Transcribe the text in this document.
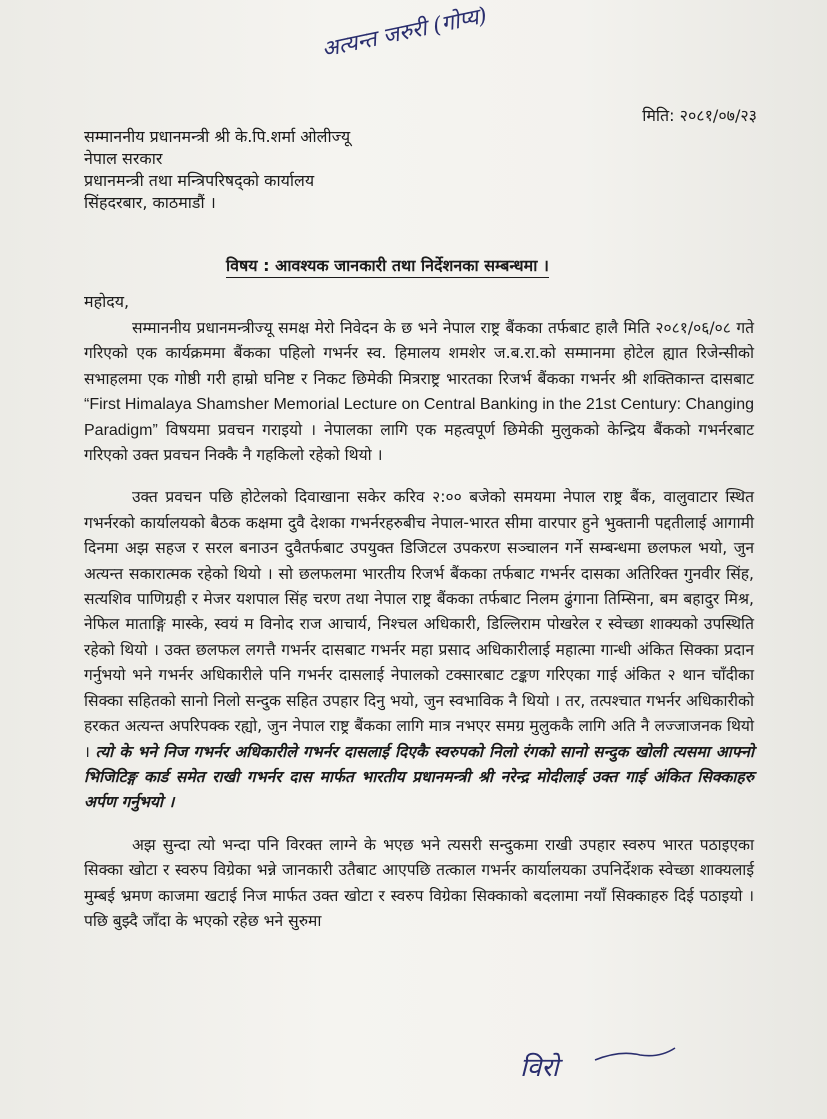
अत्यन्त जरुरी (गोप्य)
मिति: २०८१/०७/२३
सम्माननीय प्रधानमन्त्री श्री के.पि.शर्मा ओलीज्यू
नेपाल सरकार
प्रधानमन्त्री तथा मन्त्रिपरिषद्को कार्यालय
सिंहदरबार, काठमाडौं ।
विषय : आवश्यक जानकारी तथा निर्देशनका सम्बन्धमा ।
महोदय,

सम्माननीय प्रधानमन्त्रीज्यू समक्ष मेरो निवेदन के छ भने नेपाल राष्ट्र बैंकका तर्फबाट हालै मिति २०८१/०६/०८ गते गरिएको एक कार्यक्रममा बैंकका पहिलो गभर्नर स्व. हिमालय शमशेर ज.ब.रा.को सम्मानमा होटेल ह्यात रिजेन्सीको सभाहलमा एक गोष्ठी गरी हाम्रो घनिष्ट र निकट छिमेकी मित्रराष्ट्र भारतका रिजर्भ बैंकका गभर्नर श्री शक्तिकान्त दासबाट “First Himalaya Shamsher Memorial Lecture on Central Banking in the 21st Century: Changing Paradigm” विषयमा प्रवचन गराइयो । नेपालका लागि एक महत्वपूर्ण छिमेकी मुलुकको केन्द्रिय बैंकको गभर्नरबाट गरिएको उक्त प्रवचन निक्कै नै गहकिलो रहेको थियो ।

उक्त प्रवचन पछि होटेलको दिवाखाना सकेर करिव २:०० बजेको समयमा नेपाल राष्ट्र बैंक, वालुवाटार स्थित गभर्नरको कार्यालयको बैठक कक्षमा दुवै देशका गभर्नरहरुबीच नेपाल-भारत सीमा वारपार हुने भुक्तानी पद्दतीलाई आगामी दिनमा अझ सहज र सरल बनाउन दुवैतर्फबाट उपयुक्त डिजिटल उपकरण सञ्चालन गर्ने सम्बन्धमा छलफल भयो, जुन अत्यन्त सकारात्मक रहेको थियो । सो छलफलमा भारतीय रिजर्भ बैंकका तर्फबाट गभर्नर दासका अतिरिक्त गुनवीर सिंह, सत्यशिव पाणिग्रही र मेजर यशपाल सिंह चरण तथा नेपाल राष्ट्र बैंकका तर्फबाट निलम ढुंगाना तिम्सिना, बम बहादुर मिश्र, नेफिल माताङ्गि मास्के, स्वयं म विनोद राज आचार्य, निश्चल अधिकारी, डिल्लिराम पोखरेल र स्वेच्छा शाक्यको उपस्थिति रहेको थियो । उक्त छलफल लगत्तै गभर्नर दासबाट गभर्नर महा प्रसाद अधिकारीलाई महात्मा गान्धी अंकित सिक्का प्रदान गर्नुभयो भने गभर्नर अधिकारीले पनि गभर्नर दासलाई नेपालको टक्सारबाट टङ्कण गरिएका गाई अंकित २ थान चाँदीका सिक्का सहितको सानो निलो सन्दुक सहित उपहार दिनु भयो, जुन स्वभाविक नै थियो । तर, तत्पश्चात गभर्नर अधिकारीको हरकत अत्यन्त अपरिपक्क रह्यो, जुन नेपाल राष्ट्र बैंकका लागि मात्र नभएर समग्र मुलुककै लागि अति नै लज्जाजनक थियो । त्यो के भने निज गभर्नर अधिकारीले गभर्नर दासलाई दिएकै स्वरुपको निलो रंगको सानो सन्दुक खोली त्यसमा आफ्नो भिजिटिङ्ग कार्ड समेत राखी गभर्नर दास मार्फत भारतीय प्रधानमन्त्री श्री नरेन्द्र मोदीलाई उक्त गाई अंकित सिक्काहरु अर्पण गर्नुभयो ।

अझ सुन्दा त्यो भन्दा पनि विरक्त लाग्ने के भएछ भने त्यसरी सन्दुकमा राखी उपहार स्वरुप भारत पठाइएका सिक्का खोटा र स्वरुप विग्रेका भन्ने जानकारी उतैबाट आएपछि तत्काल गभर्नर कार्यालयका उपनिर्देशक स्वेच्छा शाक्यलाई मुम्बई भ्रमण काजमा खटाई निज मार्फत उक्त खोटा र स्वरुप विग्रेका सिक्काको बदलामा नयाँ सिक्काहरु दिई पठाइयो । पछि बुझ्दै जाँदा के भएको रहेछ भने सुरुमा

विरो
